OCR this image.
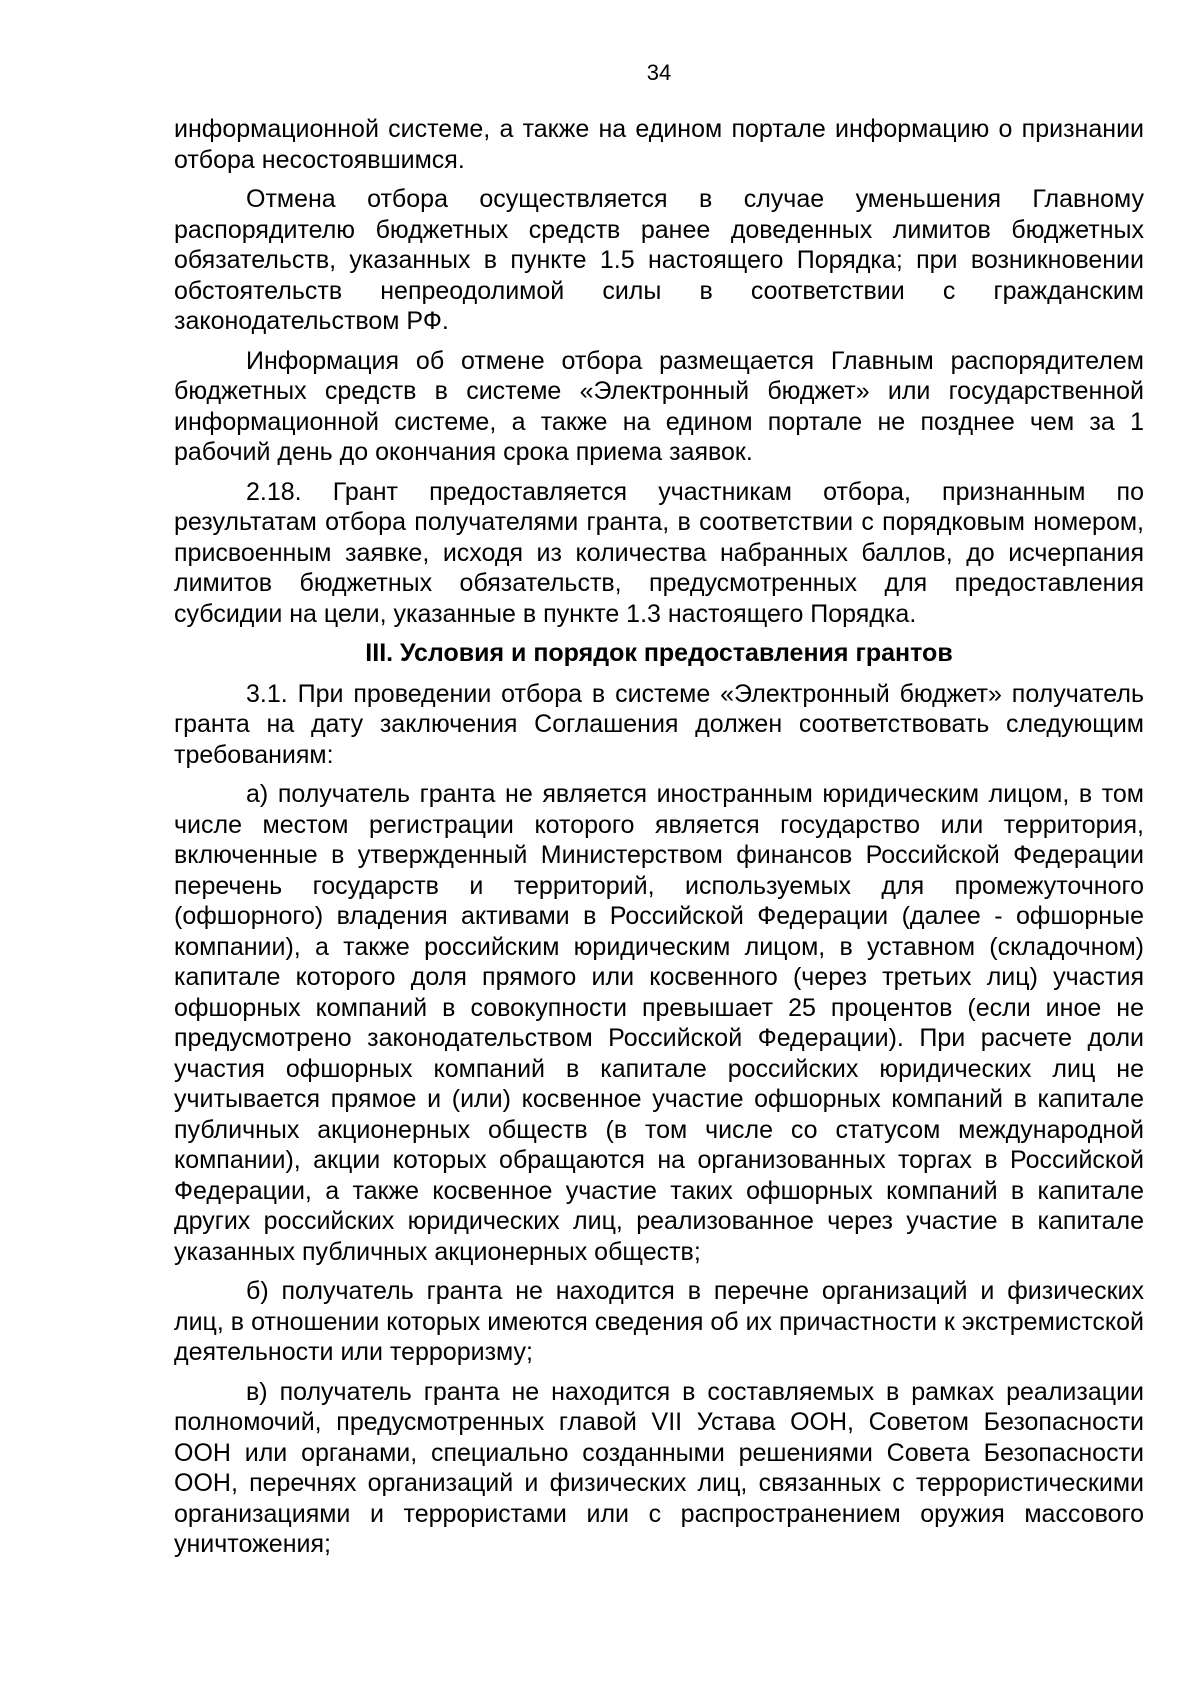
34

информационной системе, а также на едином портале информацию о признании отбора несостоявшимся.

Отмена отбора осуществляется в случае уменьшения Главному распорядителю бюджетных средств ранее доведенных лимитов бюджетных обязательств, указанных в пункте 1.5 настоящего Порядка; при возникновении обстоятельств непреодолимой силы в соответствии с гражданским законодательством РФ.

Информация об отмене отбора размещается Главным распорядителем бюджетных средств в системе «Электронный бюджет» или государственной информационной системе, а также на едином портале не позднее чем за 1 рабочий день до окончания срока приема заявок.

2.18. Грант предоставляется участникам отбора, признанным по результатам отбора получателями гранта, в соответствии с порядковым номером, присвоенным заявке, исходя из количества набранных баллов, до исчерпания лимитов бюджетных обязательств, предусмотренных для предоставления субсидии на цели, указанные в пункте 1.3 настоящего Порядка.

III. Условия и порядок предоставления грантов

3.1. При проведении отбора в системе «Электронный бюджет» получатель гранта на дату заключения Соглашения должен соответствовать следующим требованиям:

а) получатель гранта не является иностранным юридическим лицом, в том числе местом регистрации которого является государство или территория, включенные в утвержденный Министерством финансов Российской Федерации перечень государств и территорий, используемых для промежуточного (офшорного) владения активами в Российской Федерации (далее - офшорные компании), а также российским юридическим лицом, в уставном (складочном) капитале которого доля прямого или косвенного (через третьих лиц) участия офшорных компаний в совокупности превышает 25 процентов (если иное не предусмотрено законодательством Российской Федерации). При расчете доли участия офшорных компаний в капитале российских юридических лиц не учитывается прямое и (или) косвенное участие офшорных компаний в капитале публичных акционерных обществ (в том числе со статусом международной компании), акции которых обращаются на организованных торгах в Российской Федерации, а также косвенное участие таких офшорных компаний в капитале других российских юридических лиц, реализованное через участие в капитале указанных публичных акционерных обществ;

б) получатель гранта не находится в перечне организаций и физических лиц, в отношении которых имеются сведения об их причастности к экстремистской деятельности или терроризму;

в) получатель гранта не находится в составляемых в рамках реализации полномочий, предусмотренных главой VII Устава ООН, Советом Безопасности ООН или органами, специально созданными решениями Совета Безопасности ООН, перечнях организаций и физических лиц, связанных с террористическими организациями и террористами или с распространением оружия массового уничтожения;
